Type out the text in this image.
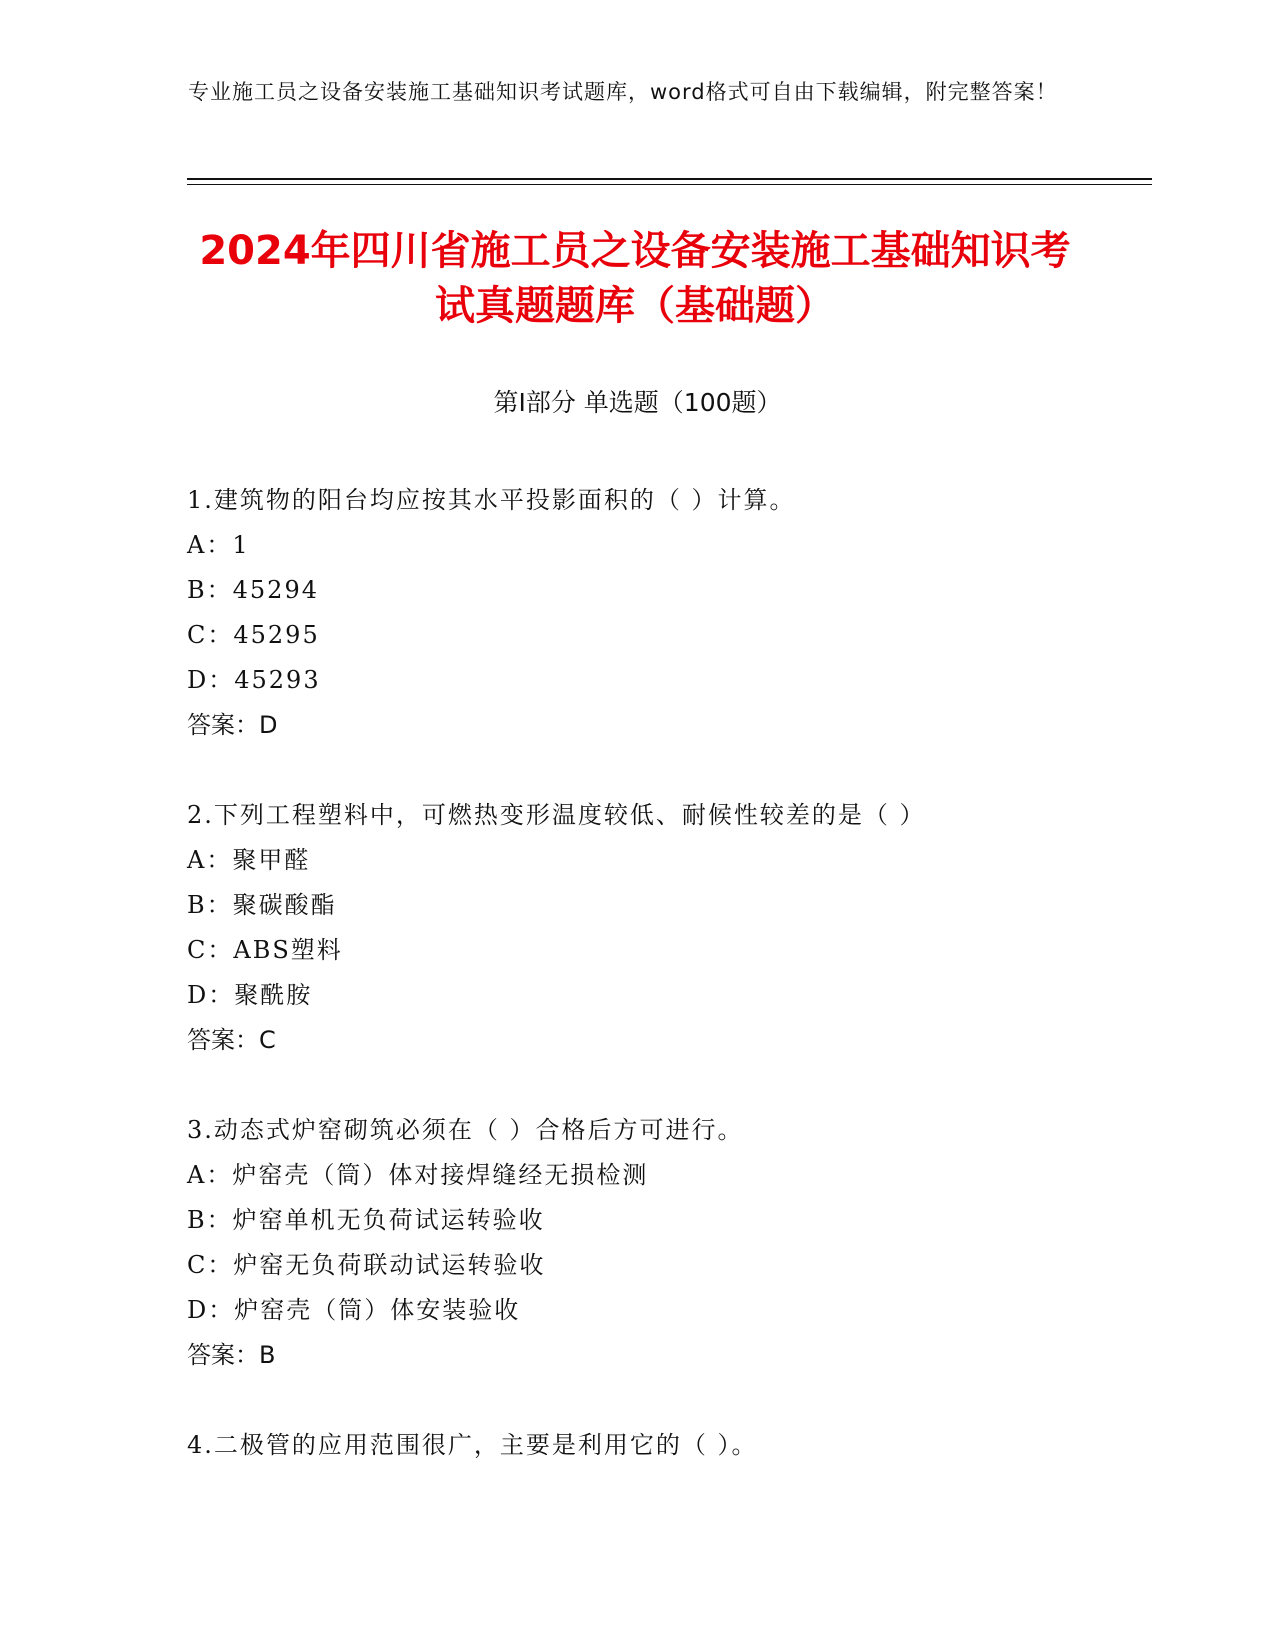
专业施工员之设备安装施工基础知识考试题库，word格式可自由下载编辑，附完整答案！
2024年四川省施工员之设备安装施工基础知识考试真题题库（基础题）
第Ⅰ部分 单选题（100题）
1.建筑物的阳台均应按其水平投影面积的（ ）计算。
A：1
B：45294
C：45295
D：45293
答案：D
2.下列工程塑料中，可燃热变形温度较低、耐候性较差的是（ ）
A：聚甲醛
B：聚碳酸酯
C：ABS塑料
D：聚酰胺
答案：C
3.动态式炉窑砌筑必须在（ ）合格后方可进行。
A：炉窑壳（筒）体对接焊缝经无损检测
B：炉窑单机无负荷试运转验收
C：炉窑无负荷联动试运转验收
D：炉窑壳（筒）体安装验收
答案：B
4.二极管的应用范围很广，主要是利用它的（ ）。
